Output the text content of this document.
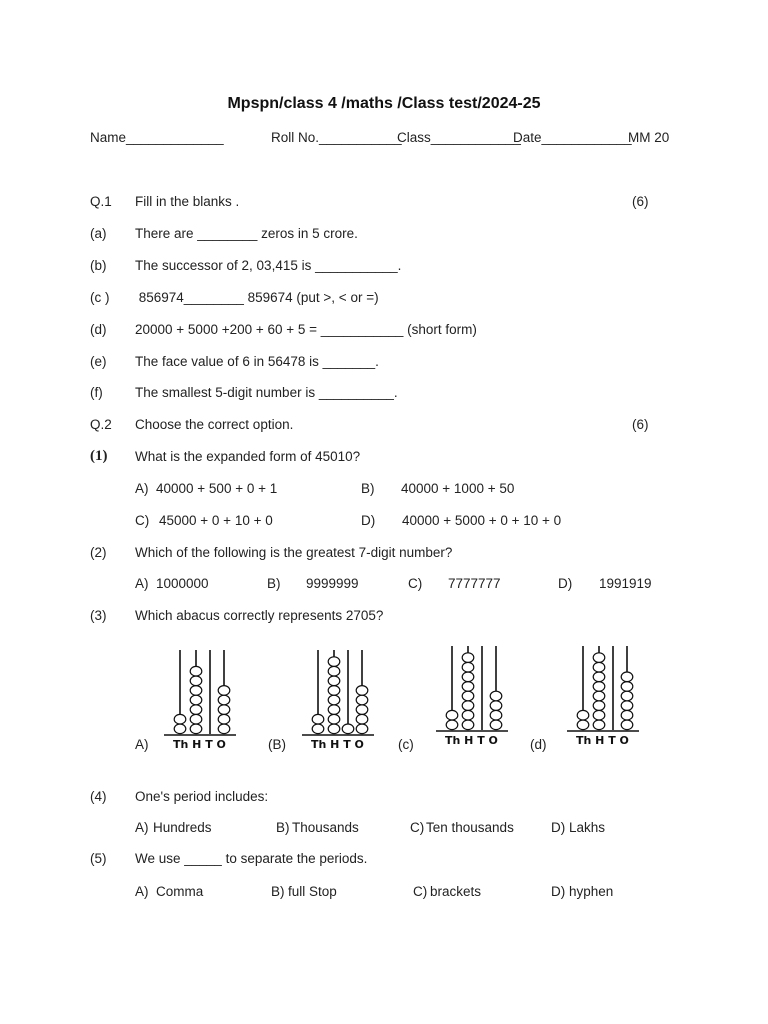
Mpspn/class 4 /maths /Class test/2024-25
Name_____________	Roll No.___________
Class____________
Date____________
MM 20
Q.1 Fill in the blanks .	(6)
(a) There are ________ zeros in 5 crore.
(b) The successor of 2, 03,415 is ___________.
(c ) 856974________ 859674 (put >, < or =)
(d) 20000 + 5000 +200 + 60 + 5 = ___________ (short form)
(e) The face value of 6 in 56478 is _______.
(f) The smallest 5-digit number is __________.
Q.2 Choose the correct option.	(6)
(1) What is the expanded form of 45010?
A) 40000 + 500 + 0 + 1	B) 40000 + 1000 + 50
C) 45000 + 0 + 10 + 0	D) 40000 + 5000 + 0 + 10 + 0
(2) Which of the following is the greatest 7-digit number?
A) 1000000	B) 9999999	C) 7777777	D) 1991919
(3) Which abacus correctly represents 2705?
A) Th H T O	(B) Th H T O	(c)	Th H T O (d)	Th H T O
(4) One's period includes:
A) Hundreds	B) Thousands	C) Ten thousands	D) Lakhs
(5) We use _____ to separate the periods.
A) Comma	B) full Stop	C) brackets	D) hyphen
